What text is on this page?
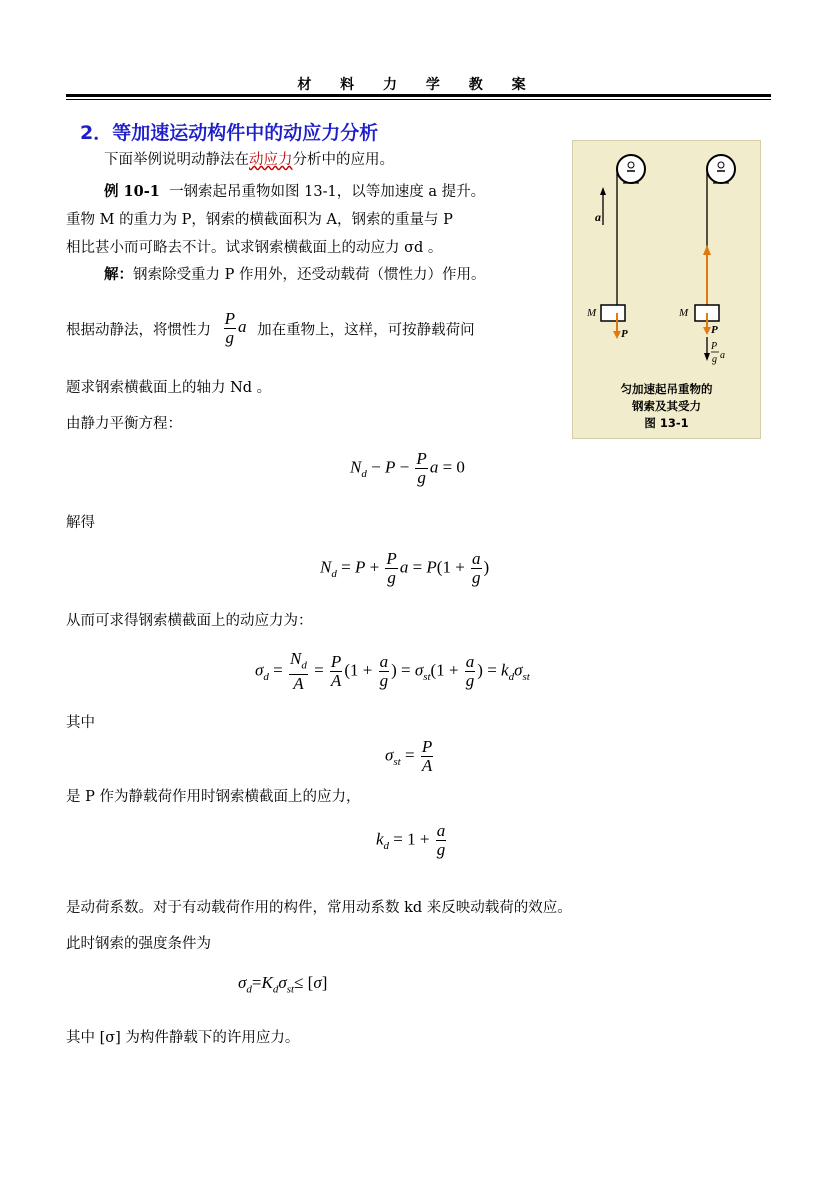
材 料 力 学 教 案
2．等加速运动构件中的动应力分析
下面举例说明动静法在动应力分析中的应用。
例 10-1 一钢索起吊重物如图 13-1，以等加速度 a 提升。
重物 M 的重力为 P，钢索的横截面积为 A，钢索的重量与 P
相比甚小而可略去不计。试求钢索横截面上的动应力 σd 。
解：钢索除受重力 P 作用外，还受动载荷（惯性力）作用。
根据动静法，将惯性力 $\frac{P}{g}$ a 加在重物上，这样，可按静载荷问
题求钢索横截面上的轴力 Nd 。
由静力平衡方程：
$N_d - P - \frac{P}{g}$ a = 0
解得
$N_d = P + \frac{P}{g}$ $a = P(1 + \frac{a}{g}$ )
从而可求得钢索横截面上的动应力为：
$\sigma_d = \frac{N_d}{A} = \frac{P}{A} (1 + \frac{a}{g}$ ) = $\sigma_{st}(1 + \frac{a}{g}$ ) = $k_d\sigma_{st}$
其中
$\sigma_{st} = \frac{P}{A}$
是 P 作为静载荷作用时钢索横截面上的应力，
$k_d = 1 + \frac{a}{g}$
是动荷系数。对于有动载荷作用的构件，常用动系数 kd 来反映动载荷的效应。
此时钢索的强度条件为
$\sigma_d=K_d\sigma_{st}\le [\sigma]$
其中 [σ] 为构件静载下的许用应力。
a
M
P
M
P
P
g a
匀加速起吊重物的
钢索及其受力
图 13-1
